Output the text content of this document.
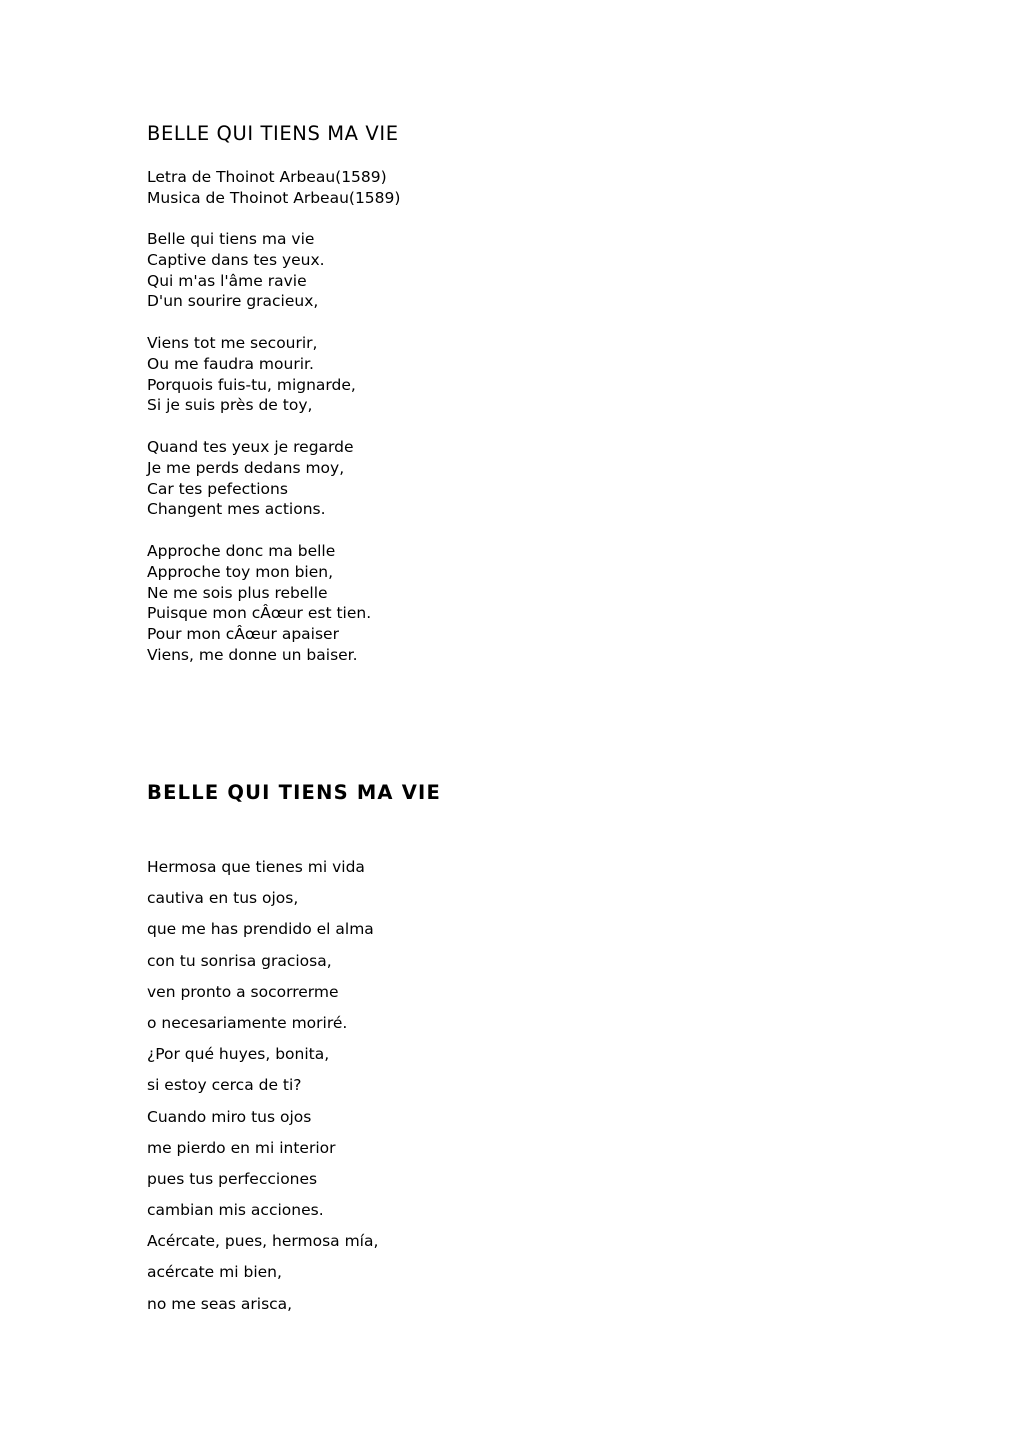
BELLE QUI TIENS MA VIE

Letra de Thoinot Arbeau(1589)
Musica de Thoinot Arbeau(1589)

Belle qui tiens ma vie
Captive dans tes yeux.
Qui m'as l'âme ravie
D'un sourire gracieux,

Viens tot me secourir,
Ou me faudra mourir.
Porquois fuis-tu, mignarde,
Si je suis près de toy,

Quand tes yeux je regarde
Je me perds dedans moy,
Car tes pefections
Changent mes actions.

Approche donc ma belle
Approche toy mon bien,
Ne me sois plus rebelle
Puisque mon cÂœur est tien.
Pour mon cÂœur apaiser
Viens, me donne un baiser.

BELLE QUI TIENS MA VIE
Hermosa que tienes mi vida
cautiva en tus ojos,
que me has prendido el alma
con tu sonrisa graciosa,
ven pronto a socorrerme
o necesariamente moriré.
¿Por qué huyes, bonita,
si estoy cerca de ti?
Cuando miro tus ojos
me pierdo en mi interior
pues tus perfecciones
cambian mis acciones.
Acércate, pues, hermosa mía,
acércate mi bien,
no me seas arisca,
